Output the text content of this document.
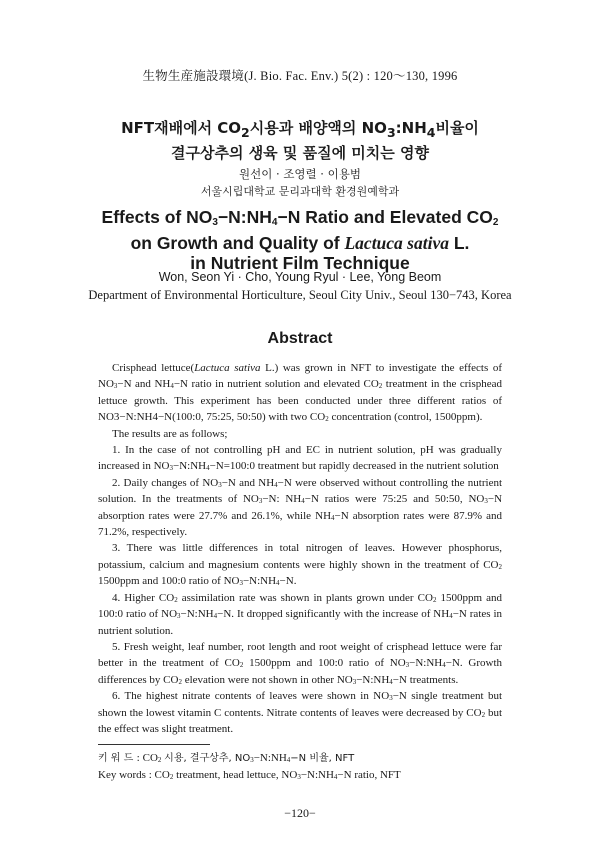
生物生産施設環境(J. Bio. Fac. Env.) 5(2) : 120～130, 1996
NFT재배에서 $CO_2$시용과 배양액의 $NO_3:NH_4$비율이
결구상추의 생육 및 품질에 미치는 영향
원선이 · 조영렬 · 이용범
서울시립대학교 문리과대학 환경원예학과
Effects of $NO_3-N:NH_4-N$ Ratio and Elevated $CO_2$
on Growth and Quality of Lactuca sativa L.
in Nutrient Film Technique
Won, Seon Yi · Cho, Young Ryul · Lee, Yong Beom
Department of Environmental Horticulture, Seoul City Univ., Seoul 130−743, Korea
Abstract

Crisphead lettuce(Lactuca sativa L.) was grown in NFT to investigate the effects of $NO_3-N$ and $NH_4-N$ ratio in nutrient solution and elevated $CO_2$ treatment in the crisphead lettuce growth. This experiment has been conducted under three different ratios of NO3−N:NH4−N(100:0, 75:25, 50:50) with two $CO_2$ concentration (control, 1500ppm).

The results are as follows;

1. In the case of not controlling pH and EC in nutrient solution, pH was gradually increased in $NO_3-N:NH_4-N=100:0$ treatment but rapidly decreased in the nutrient solution

2. Daily changes of $NO_3-N$ and $NH_4-N$ were observed without controlling the nutrient solution. In the treatments of $NO_3-N$: $NH_4-N$ ratios were 75:25 and 50:50, $NO_3-N$ absorption rates were 27.7% and 26.1%, while $NH_4-N$ absorption rates were 87.9% and 71.2%, respectively.

3. There was little differences in total nitrogen of leaves. However phosphorus, potassium, calcium and magnesium contents were highly shown in the treatment of $CO_2$ 1500ppm and 100:0 ratio of $NO_3-N:NH_4-N$.

4. Higher $CO_2$ assimilation rate was shown in plants grown under $CO_2$ 1500ppm and 100:0 ratio of $NO_3-N:NH_4-N$. It dropped significantly with the increase of $NH_4-N$ rates in nutrient solution.

5. Fresh weight, leaf number, root length and root weight of crisphead lettuce were far better in the treatment of $CO_2$ 1500ppm and 100:0 ratio of $NO_3-N:NH_4-N$. Growth differences by $CO_2$ elevation were not shown in other $NO_3-N:NH_4-N$ treatments.

6. The highest nitrate contents of leaves were shown in $NO_3-N$ single treatment but shown the lowest vitamin C contents. Nitrate contents of leaves were decreased by $CO_2$ but the effect was slight treatment.

키 워 드 : $CO_2$ 시용, 결구상추, $NO_3-N:NH_4-N$ 비율, NFT
Key words : $CO_2$ treatment, head lettuce, $NO_3-N:NH_4-N$ ratio, NFT
−120−
